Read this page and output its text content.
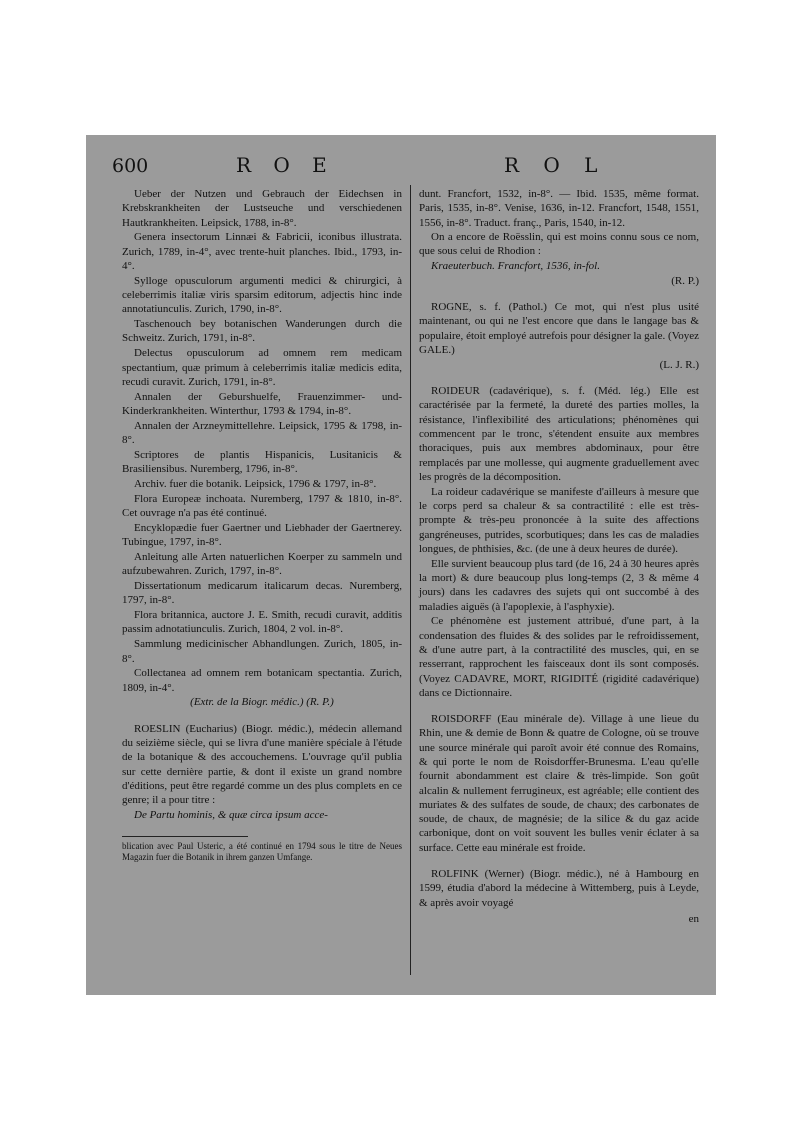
600	R O E	R O L

Ueber der Nutzen und Gebrauch der Eidechsen in Krebskrankheiten der Lustseuche und verschiedenen Hautkrankheiten. Leipsick, 1788, in-8°.

Genera insectorum Linnæi & Fabricii, iconibus illustrata. Zurich, 1789, in-4°, avec trente-huit planches. Ibid., 1793, in-4°.

Sylloge opusculorum argumenti medici & chirurgici, à celeberrimis italiæ viris sparsim editorum, adjectis hinc inde annotatiunculis. Zurich, 1790, in-8°.

Taschenouch bey botanischen Wanderungen durch die Schweitz. Zurich, 1791, in-8°.

Delectus opusculorum ad omnem rem medicam spectantium, quæ primum à celeberrimis italiæ medicis edita, recudi curavit. Zurich, 1791, in-8°.

Annalen der Geburshuelfe, Frauenzimmer- und- Kinderkrankheiten. Winterthur, 1793 & 1794, in-8°.

Annalen der Arzneymittellehre. Leipsick, 1795 & 1798, in-8°.

Scriptores de plantis Hispanicis, Lusitanicis & Brasiliensibus. Nuremberg, 1796, in-8°.

Archiv. fuer die botanik. Leipsick, 1796 & 1797, in-8°.

Flora Europeæ inchoata. Nuremberg, 1797 & 1810, in-8°. Cet ouvrage n'a pas été continué.

Encyklopædie fuer Gaertner und Liebhader der Gaertnerey. Tubingue, 1797, in-8°.

Anleitung alle Arten natuerlichen Koerper zu sammeln und aufzubewahren. Zurich, 1797, in-8°.

Dissertationum medicarum italicarum decas. Nuremberg, 1797, in-8°.

Flora britannica, auctore J. E. Smith, recudi curavit, additis passim adnotatiunculis. Zurich, 1804, 2 vol. in-8°.

Sammlung medicinischer Abhandlungen. Zurich, 1805, in-8°.

Collectanea ad omnem rem botanicam spectantia. Zurich, 1809, in-4°.

(Extr. de la Biogr. médic.) (R. P.)

ROESLIN (Eucharius) (Biogr. médic.), médecin allemand du seizième siècle, qui se livra d'une manière spéciale à l'étude de la botanique & des accouchemens. L'ouvrage qu'il publia sur cette dernière partie, & dont il existe un grand nombre d'éditions, peut être regardé comme un des plus complets en ce genre; il a pour titre :

De Partu hominis, & quæ circa ipsum acce-

blication avec Paul Usteric, a été continué en 1794 sous le titre de Neues Magazin fuer die Botanik in ihrem ganzen Umfange.

dunt. Francfort, 1532, in-8°. — Ibid. 1535, même format. Paris, 1535, in-8°. Venise, 1636, in-12. Francfort, 1548, 1551, 1556, in-8°. Traduct. franç., Paris, 1540, in-12.

On a encore de Roësslin, qui est moins connu sous ce nom, que sous celui de Rhodion :

Kraeuterbuch. Francfort, 1536, in-fol.

(R. P.)

ROGNE, s. f. (Pathol.) Ce mot, qui n'est plus usité maintenant, ou qui ne l'est encore que dans le langage bas & populaire, étoit employé autrefois pour désigner la gale. (Voyez GALE.)

(L. J. R.)

ROIDEUR (cadavérique), s. f. (Méd. lég.) Elle est caractérisée par la fermeté, la dureté des parties molles, la résistance, l'inflexibilité des articulations; phénomènes qui commencent par le tronc, s'étendent ensuite aux membres thoraciques, puis aux membres abdominaux, pour être remplacés par une mollesse, qui augmente graduellement avec les progrès de la décomposition.

La roideur cadavérique se manifeste d'ailleurs à mesure que le corps perd sa chaleur & sa contractilité : elle est très-prompte & très-peu prononcée à la suite des affections gangréneuses, putrides, scorbutiques; dans les cas de maladies longues, de phthisies, &c. (de une à deux heures de durée).

Elle survient beaucoup plus tard (de 16, 24 à 30 heures après la mort) & dure beaucoup plus long-temps (2, 3 & même 4 jours) dans les cadavres des sujets qui ont succombé à des maladies aiguës (à l'apoplexie, à l'asphyxie).

Ce phénomène est justement attribué, d'une part, à la condensation des fluides & des solides par le refroidissement, & d'une autre part, à la contractilité des muscles, qui, en se resserrant, rapprochent les faisceaux dont ils sont composés. (Voyez CADAVRE, MORT, RIGIDITÉ (rigidité cadavérique) dans ce Dictionnaire.

ROISDORFF (Eau minérale de). Village à une lieue du Rhin, une & demie de Bonn & quatre de Cologne, où se trouve une source minérale qui paroît avoir été connue des Romains, & qui porte le nom de Roisdorffer-Brunesma. L'eau qu'elle fournit abondamment est claire & très-limpide. Son goût alcalin & nullement ferrugineux, est agréable; elle contient des muriates & des sulfates de soude, de chaux; des carbonates de soude, de chaux, de magnésie; de la silice & du gaz acide carbonique, dont on voit souvent les bulles venir éclater à sa surface. Cette eau minérale est froide.

ROLFINK (Werner) (Biogr. médic.), né à Hambourg en 1599, étudia d'abord la médecine à Wittemberg, puis à Leyde, & après avoir voyagé

en
